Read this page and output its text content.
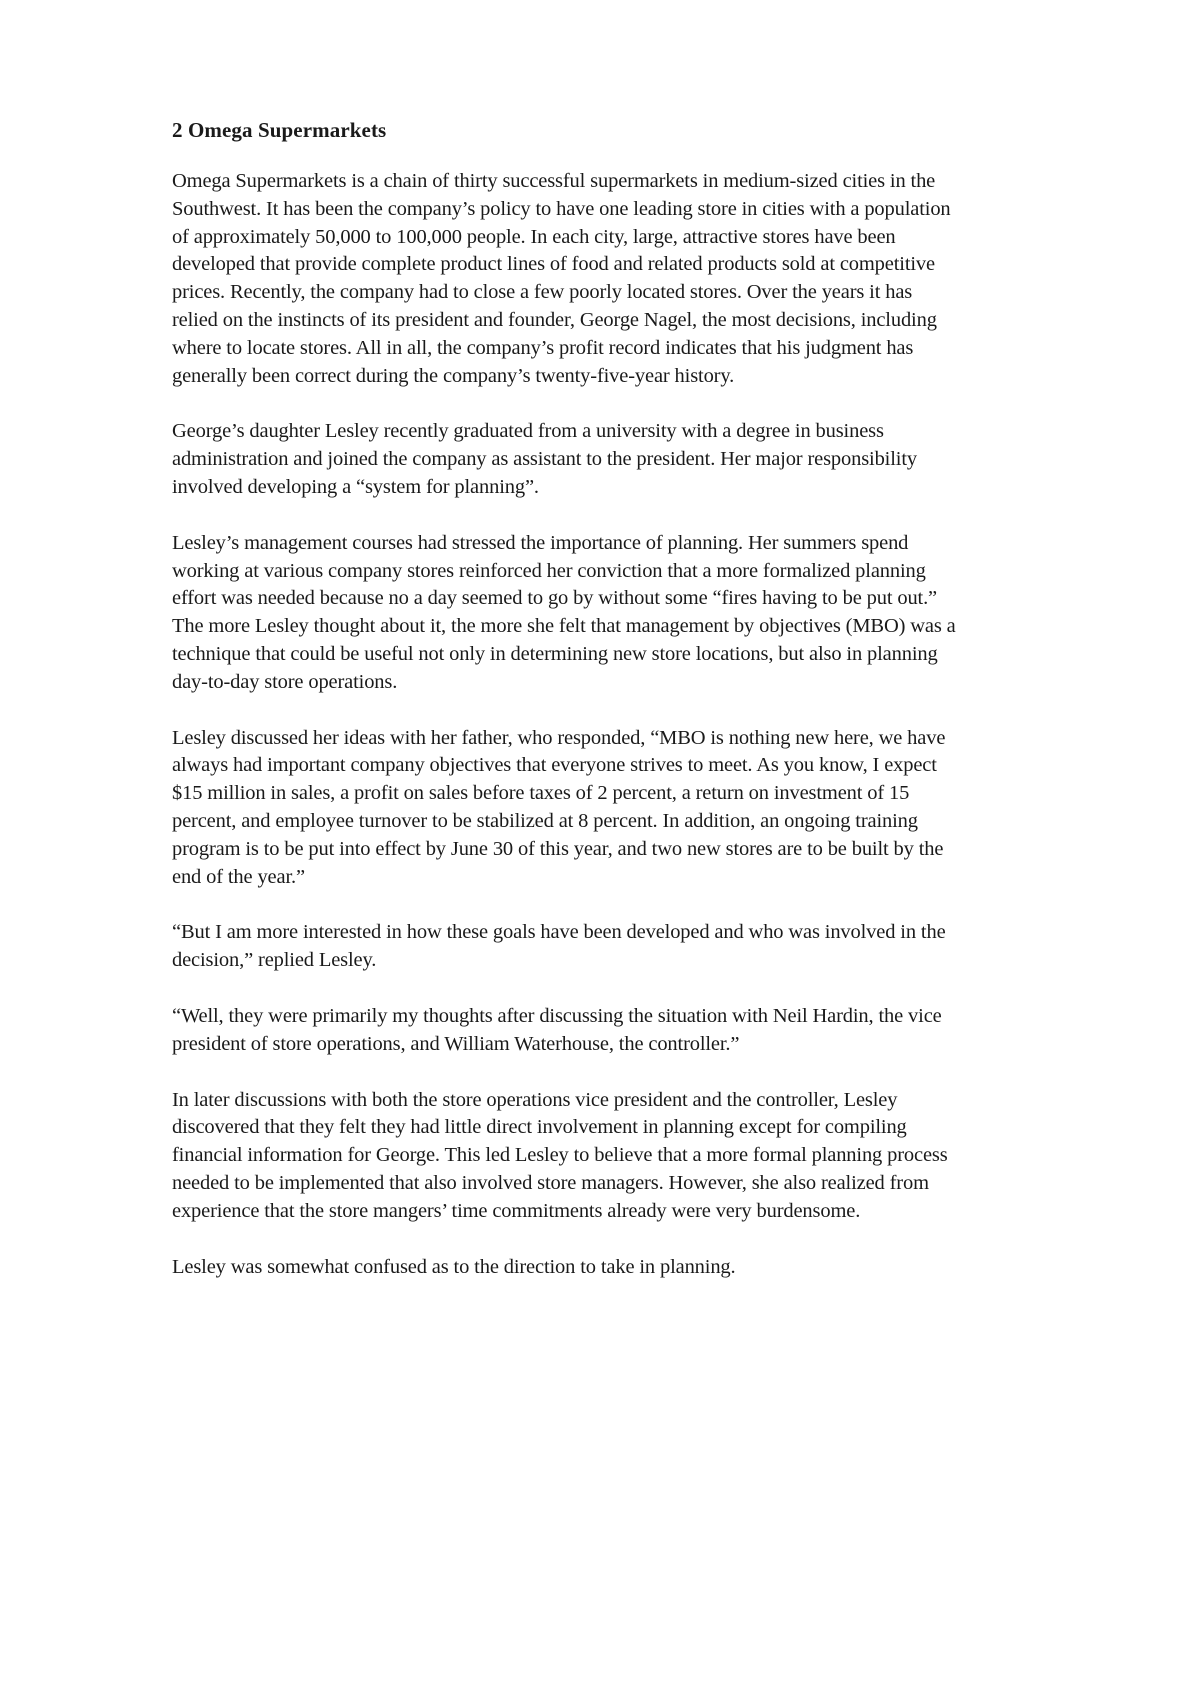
2 Omega Supermarkets
Omega Supermarkets is a chain of thirty successful supermarkets in medium-sized cities in the
Southwest. It has been the company’s policy to have one leading store in cities with a population
of approximately 50,000 to 100,000 people. In each city, large, attractive stores have been
developed that provide complete product lines of food and related products sold at competitive
prices. Recently, the company had to close a few poorly located stores. Over the years it has
relied on the instincts of its president and founder, George Nagel, the most decisions, including
where to locate stores. All in all, the company’s profit record indicates that his judgment has
generally been correct during the company’s twenty-five-year history.
George’s daughter Lesley recently graduated from a university with a degree in business
administration and joined the company as assistant to the president. Her major responsibility
involved developing a “system for planning”.
Lesley’s management courses had stressed the importance of planning. Her summers spend
working at various company stores reinforced her conviction that a more formalized planning
effort was needed because no a day seemed to go by without some “fires having to be put out.”
The more Lesley thought about it, the more she felt that management by objectives (MBO) was a
technique that could be useful not only in determining new store locations, but also in planning
day-to-day store operations.
Lesley discussed her ideas with her father, who responded, “MBO is nothing new here, we have
always had important company objectives that everyone strives to meet. As you know, I expect
$15 million in sales, a profit on sales before taxes of 2 percent, a return on investment of 15
percent, and employee turnover to be stabilized at 8 percent. In addition, an ongoing training
program is to be put into effect by June 30 of this year, and two new stores are to be built by the
end of the year.”
“But I am more interested in how these goals have been developed and who was involved in the
decision,” replied Lesley.
“Well, they were primarily my thoughts after discussing the situation with Neil Hardin, the vice
president of store operations, and William Waterhouse, the controller.”
In later discussions with both the store operations vice president and the controller, Lesley
discovered that they felt they had little direct involvement in planning except for compiling
financial information for George. This led Lesley to believe that a more formal planning process
needed to be implemented that also involved store managers. However, she also realized from
experience that the store mangers’ time commitments already were very burdensome.
Lesley was somewhat confused as to the direction to take in planning.
